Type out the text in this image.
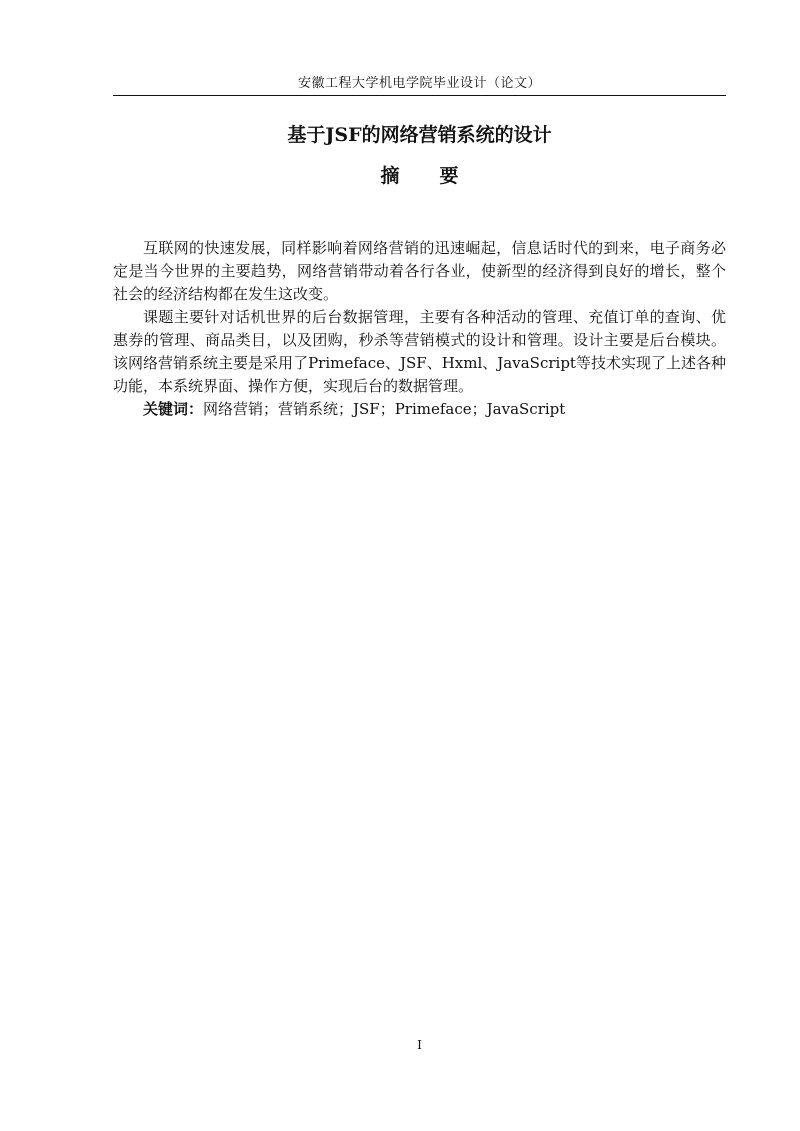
安徽工程大学机电学院毕业设计（论文）
基于JSF的网络营销系统的设计
摘要

互联网的快速发展，同样影响着网络营销的迅速崛起，信息话时代的到来，电子商务必定是当今世界的主要趋势，网络营销带动着各行各业，使新型的经济得到良好的增长，整个社会的经济结构都在发生这改变。

课题主要针对话机世界的后台数据管理，主要有各种活动的管理、充值订单的查询、优惠券的管理、商品类目，以及团购，秒杀等营销模式的设计和管理。设计主要是后台模块。该网络营销系统主要是采用了Primeface、JSF、Hxml、JavaScript等技术实现了上述各种功能，本系统界面、操作方便，实现后台的数据管理。

关键词：网络营销；营销系统；JSF；Primeface；JavaScript

I
